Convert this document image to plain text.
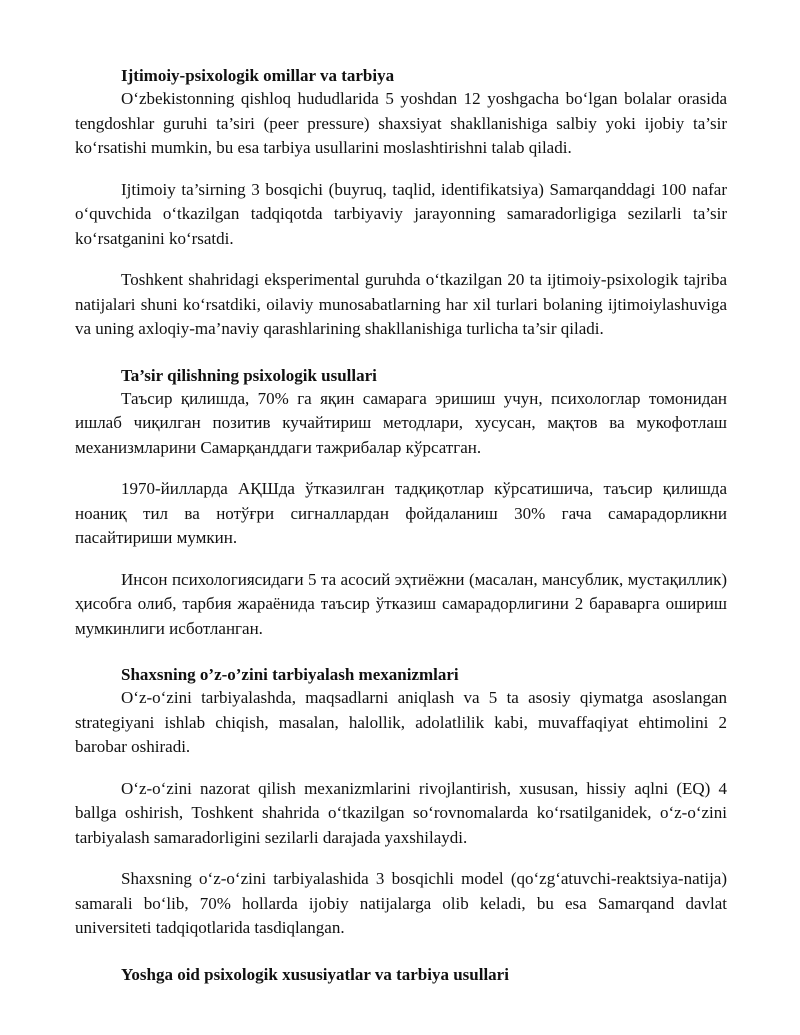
Ijtimoiy-psixologik omillar va tarbiya

O‘zbekistonning qishloq hududlarida 5 yoshdan 12 yoshgacha bo‘lgan bolalar orasida tengdoshlar guruhi ta’siri (peer pressure) shaxsiyat shakllanishiga salbiy yoki ijobiy ta’sir ko‘rsatishi mumkin, bu esa tarbiya usullarini moslashtirishni talab qiladi.

Ijtimoiy ta’sirning 3 bosqichi (buyruq, taqlid, identifikatsiya) Samarqanddagi 100 nafar o‘quvchida o‘tkazilgan tadqiqotda tarbiyaviy jarayonning samaradorligiga sezilarli ta’sir ko‘rsatganini ko‘rsatdi.

Toshkent shahridagi eksperimental guruhda o‘tkazilgan 20 ta ijtimoiy-psixologik tajriba natijalari shuni ko‘rsatdiki, oilaviy munosabatlarning har xil turlari bolaning ijtimoiylashuviga va uning axloqiy-ma’naviy qarashlarining shakllanishiga turlicha ta’sir qiladi.

Ta’sir qilishning psixologik usullari

Таъсир қилишда, 70% га яқин самарага эришиш учун, психологлар томонидан ишлаб чиқилган позитив кучайтириш методлари, хусусан, мақтов ва мукофотлаш механизмларини Самарқанддаги тажрибалар кўрсатган.

1970-йилларда АҚШда ўтказилган тадқиқотлар кўрсатишича, таъсир қилишда ноаниқ тил ва нотўғри сигналлардан фойдаланиш 30% гача самарадорликни пасайтириши мумкин.

Инсон психологиясидаги 5 та асосий эҳтиёжни (масалан, мансублик, мустақиллик) ҳисобга олиб, тарбия жараёнида таъсир ўтказиш самарадорлигини 2 бараварга ошириш мумкинлиги исботланган.

Shaxsning o’z-o’zini tarbiyalash mexanizmlari

O‘z-o‘zini tarbiyalashda, maqsadlarni aniqlash va 5 ta asosiy qiymatga asoslangan strategiyani ishlab chiqish, masalan, halollik, adolatlilik kabi, muvaffaqiyat ehtimolini 2 barobar oshiradi.

O‘z-o‘zini nazorat qilish mexanizmlarini rivojlantirish, xususan, hissiy aqlni (EQ) 4 ballga oshirish, Toshkent shahrida o‘tkazilgan so‘rovnomalarda ko‘rsatilganidek, o‘z-o‘zini tarbiyalash samaradorligini sezilarli darajada yaxshilaydi.

Shaxsning o‘z-o‘zini tarbiyalashida 3 bosqichli model (qo‘zg‘atuvchi-reaktsiya-natija) samarali bo‘lib, 70% hollarda ijobiy natijalarga olib keladi, bu esa Samarqand davlat universiteti tadqiqotlarida tasdiqlangan.

Yoshga oid psixologik xususiyatlar va tarbiya usullari
